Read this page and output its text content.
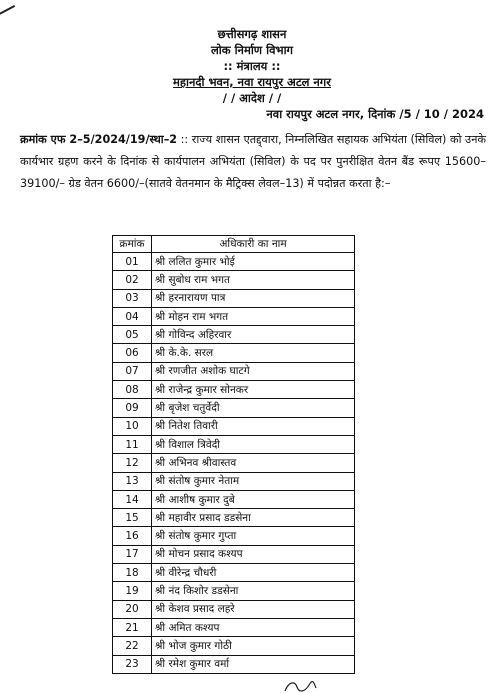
छत्तीसगढ़ शासन
लोक निर्माण विभाग
:: मंत्रालय ::
महानदी भवन, नवा रायपुर अटल नगर
/ / आदेश / /
नवा रायपुर अटल नगर, दिनांक /5 / 10 / 2024
क्रमांक एफ 2–5/2024/19/स्था–2 :: राज्य शासन एतद्द्वारा, निम्नलिखित सहायक अभियंता (सिविल) को उनके कार्यभार ग्रहण करने के दिनांक से कार्यपालन अभियंता (सिविल) के पद पर पुनरीक्षित वेतन बैंड रूपए 15600–39100/– ग्रेड वेतन 6600/–(सातवे वेतनमान के मैट्रिक्स लेवल–13) में पदोन्नत करता है:–
क्रमांक	अधिकारी का नाम
01	श्री ललित कुमार भोई
02	श्री सुबोध राम भगत
03	श्री हरनारायण पात्र
04	श्री मोहन राम भगत
05	श्री गोविन्द अहिरवार
06	श्री के.के. सरल
07	श्री रणजीत अशोक घाटगे
08	श्री राजेन्द्र कुमार सोनकर
09	श्री बृजेश चतुर्वेदी
10	श्री नितेश तिवारी
11	श्री विशाल त्रिवेदी
12	श्री अभिनव श्रीवास्तव
13	श्री संतोष कुमार नेताम
14	श्री आशीष कुमार दुबे
15	श्री महावीर प्रसाद डडसेना
16	श्री संतोष कुमार गुप्ता
17	श्री मोचन प्रसाद कश्यप
18	श्री वीरेन्द्र चौधरी
19	श्री नंद किशोर डडसेना
20	श्री केशव प्रसाद लहरे
21	श्री अमित कश्यप
22	श्री भोज कुमार गोठी
23	श्री रमेश कुमार वर्मा
